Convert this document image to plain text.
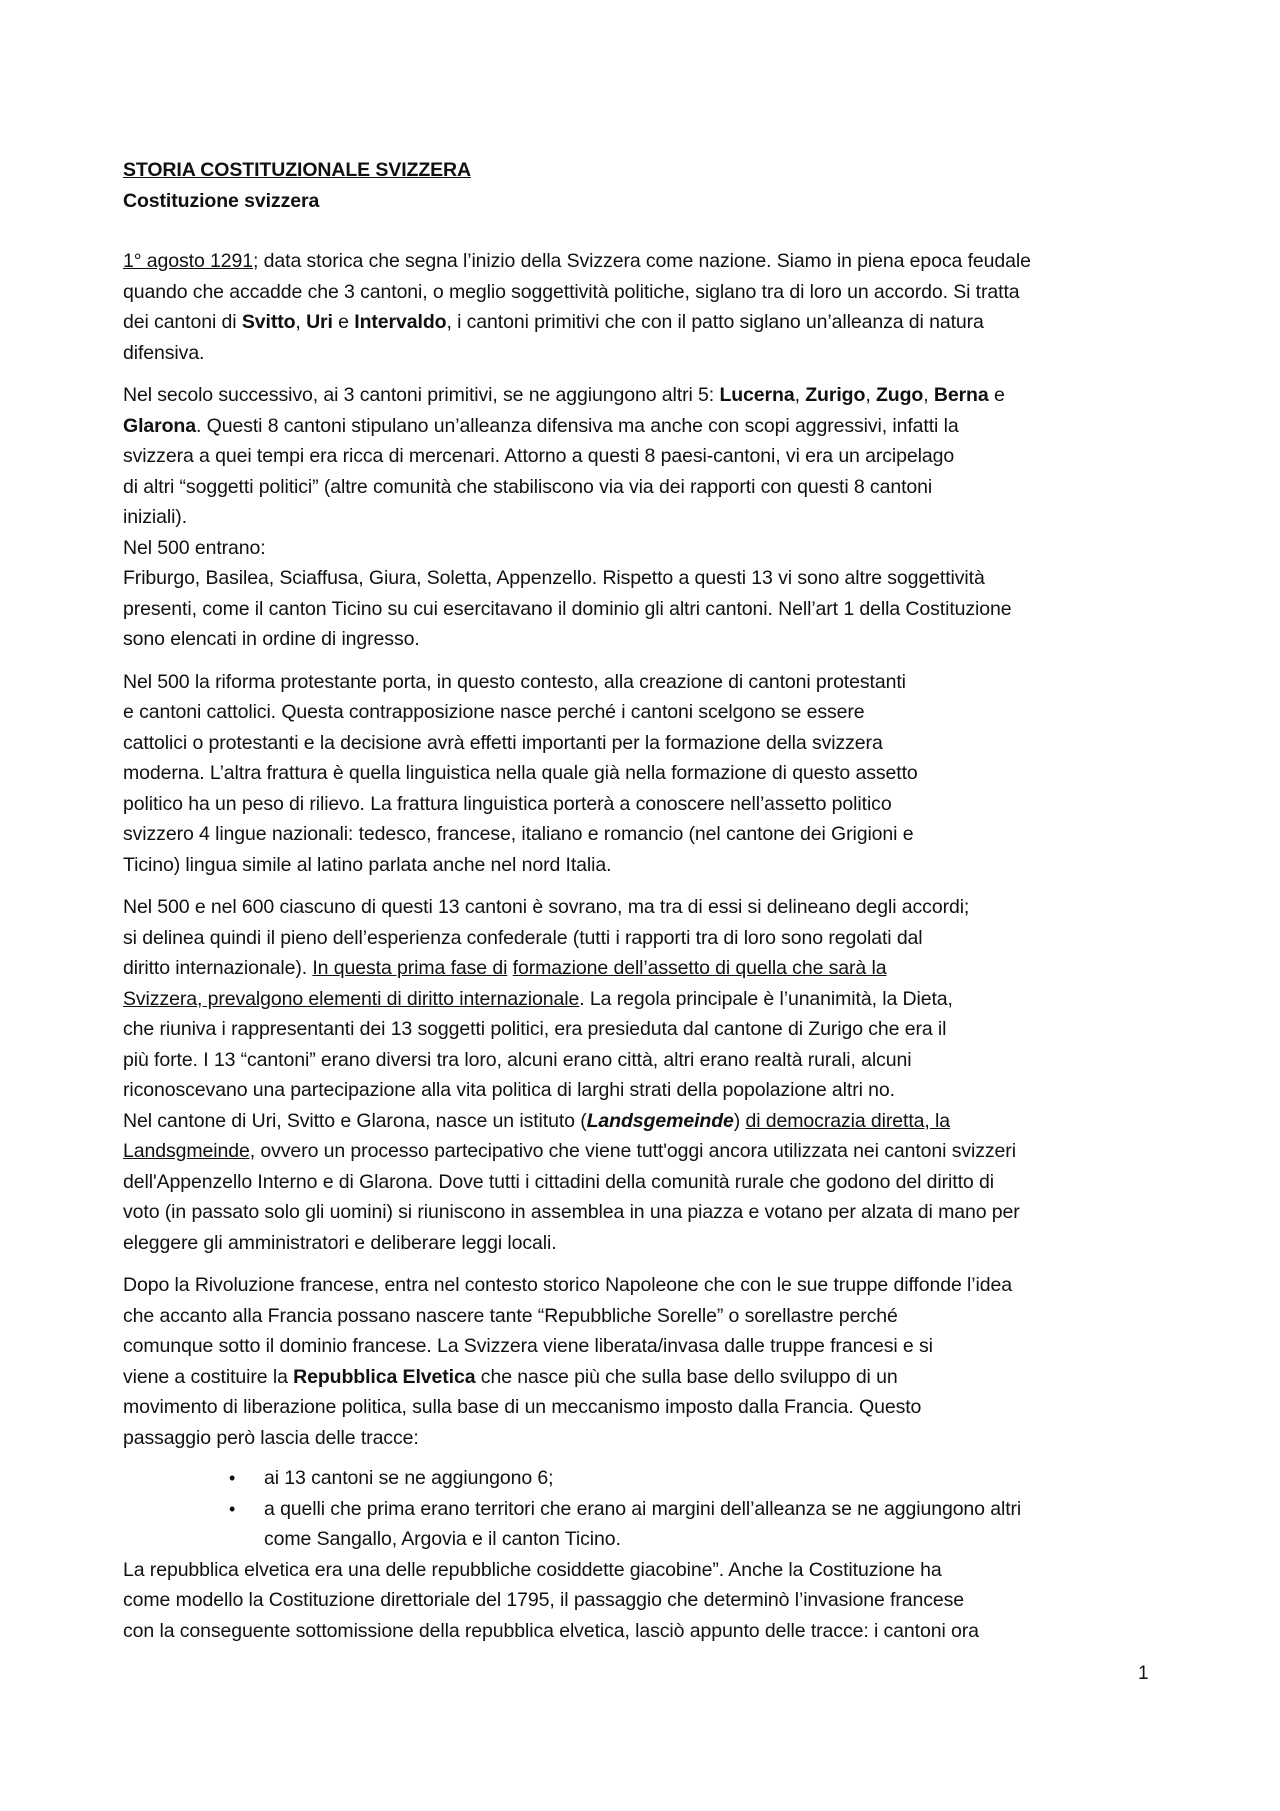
STORIA COSTITUZIONALE SVIZZERA
Costituzione svizzera

1° agosto 1291; data storica che segna l’inizio della Svizzera come nazione. Siamo in piena epoca feudale
quando che accadde che 3 cantoni, o meglio soggettività politiche, siglano tra di loro un accordo. Si tratta
dei cantoni di Svitto, Uri e Intervaldo, i cantoni primitivi che con il patto siglano un’alleanza di natura
difensiva.

Nel secolo successivo, ai 3 cantoni primitivi, se ne aggiungono altri 5: Lucerna, Zurigo, Zugo, Berna e
Glarona. Questi 8 cantoni stipulano un’alleanza difensiva ma anche con scopi aggressivi, infatti la
svizzera a quei tempi era ricca di mercenari. Attorno a questi 8 paesi-cantoni, vi era un arcipelago
di altri “soggetti politici” (altre comunità che stabiliscono via via dei rapporti con questi 8 cantoni
iniziali).
Nel 500 entrano:
Friburgo, Basilea, Sciaffusa, Giura, Soletta, Appenzello. Rispetto a questi 13 vi sono altre soggettività
presenti, come il canton Ticino su cui esercitavano il dominio gli altri cantoni. Nell’art 1 della Costituzione
sono elencati in ordine di ingresso.

Nel 500 la riforma protestante porta, in questo contesto, alla creazione di cantoni protestanti
e cantoni cattolici. Questa contrapposizione nasce perché i cantoni scelgono se essere
cattolici o protestanti e la decisione avrà effetti importanti per la formazione della svizzera
moderna. L’altra frattura è quella linguistica nella quale già nella formazione di questo assetto
politico ha un peso di rilievo. La frattura linguistica porterà a conoscere nell’assetto politico
svizzero 4 lingue nazionali: tedesco, francese, italiano e romancio (nel cantone dei Grigioni e
Ticino) lingua simile al latino parlata anche nel nord Italia.

Nel 500 e nel 600 ciascuno di questi 13 cantoni è sovrano, ma tra di essi si delineano degli accordi;
si delinea quindi il pieno dell’esperienza confederale (tutti i rapporti tra di loro sono regolati dal
diritto internazionale). In questa prima fase di formazione dell’assetto di quella che sarà la
Svizzera, prevalgono elementi di diritto internazionale. La regola principale è l’unanimità, la Dieta,
che riuniva i rappresentanti dei 13 soggetti politici, era presieduta dal cantone di Zurigo che era il
più forte. I 13 “cantoni” erano diversi tra loro, alcuni erano città, altri erano realtà rurali, alcuni
riconoscevano una partecipazione alla vita politica di larghi strati della popolazione altri no.
Nel cantone di Uri, Svitto e Glarona, nasce un istituto (Landsgemeinde) di democrazia diretta, la
Landsgmeinde, ovvero un processo partecipativo che viene tutt'oggi ancora utilizzata nei cantoni svizzeri
dell'Appenzello Interno e di Glarona. Dove tutti i cittadini della comunità rurale che godono del diritto di
voto (in passato solo gli uomini) si riuniscono in assemblea in una piazza e votano per alzata di mano per
eleggere gli amministratori e deliberare leggi locali.

Dopo la Rivoluzione francese, entra nel contesto storico Napoleone che con le sue truppe diffonde l’idea
che accanto alla Francia possano nascere tante “Repubbliche Sorelle” o sorellastre perché
comunque sotto il dominio francese. La Svizzera viene liberata/invasa dalle truppe francesi e si
viene a costituire la Repubblica Elvetica che nasce più che sulla base dello sviluppo di un
movimento di liberazione politica, sulla base di un meccanismo imposto dalla Francia. Questo
passaggio però lascia delle tracce:

• ai 13 cantoni se ne aggiungono 6;
• a quelli che prima erano territori che erano ai margini dell’alleanza se ne aggiungono altri
come Sangallo, Argovia e il canton Ticino.

La repubblica elvetica era una delle repubbliche cosiddette giacobine”. Anche la Costituzione ha
come modello la Costituzione direttoriale del 1795, il passaggio che determinò l’invasione francese
con la conseguente sottomissione della repubblica elvetica, lasciò appunto delle tracce: i cantoni ora

1
